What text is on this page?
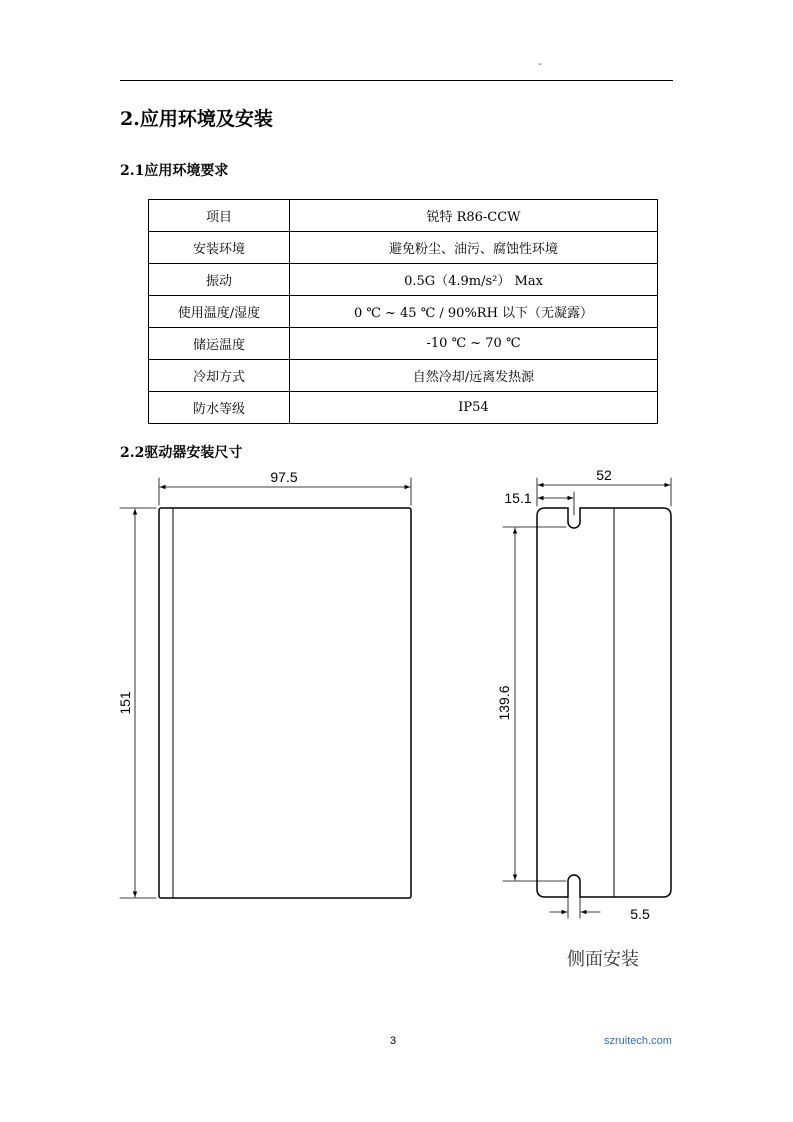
-
2.应用环境及安装
2.1应用环境要求
项目	锐特 R86-CCW
安装环境	避免粉尘、油污、腐蚀性环境
振动	0.5G（4.9m/s²） Max
使用温度/湿度	0 ℃ ~ 45 ℃ / 90%RH 以下（无凝露）
储运温度	-10 ℃ ~ 70 ℃
冷却方式	自然冷却/远离发热源
防水等级	IP54
2.2驱动器安装尺寸
97.5
151
52
15.1
139.6
5.5
侧面安装
3	szruitech.com
